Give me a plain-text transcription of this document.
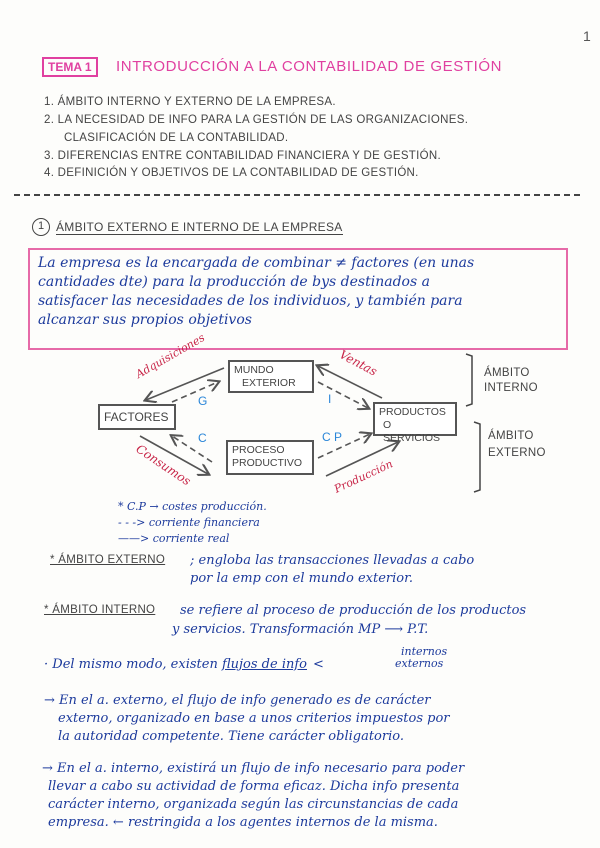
1
TEMA 1	INTRODUCCIÓN A LA CONTABILIDAD DE GESTIÓN
1. ÁMBITO INTERNO Y EXTERNO DE LA EMPRESA.
2. LA NECESIDAD DE INFO PARA LA GESTIÓN DE LAS ORGANIZACIONES.
CLASIFICACIÓN DE LA CONTABILIDAD.
3. DIFERENCIAS ENTRE CONTABILIDAD FINANCIERA Y DE GESTIÓN.
4. DEFINICIÓN Y OBJETIVOS DE LA CONTABILIDAD DE GESTIÓN.
1 ÁMBITO EXTERNO E INTERNO DE LA EMPRESA
La empresa es la encargada de combinar ≠ factores (en unas
cantidades dte) para la producción de bys destinados a
satisfacer las necesidades de los individuos, y también para
alcanzar sus propios objetivos
MUNDO
EXTERIOR
FACTORES
PROCESO
PRODUCTIVO
PRODUCTOS
O SERVICIOS
Adquisiciones	Ventas
Consumos	Producción
G	I
C	C P
ÁMBITO
INTERNO
ÁMBITO
EXTERNO
* C.P → costes producción.
- - -> corriente financiera
——> corriente real
* ÁMBITO EXTERNO ; engloba las transacciones llevadas a cabo
por la emp con el mundo exterior.
* ÁMBITO INTERNO se refiere al proceso de producción de los productos
y servicios. Transformación MP ⟶ P.T.
· Del mismo modo, existen flujos de info <
internos
externos
→ En el a. externo, el flujo de info generado es de carácter
externo, organizado en base a unos criterios impuestos por
la autoridad competente. Tiene carácter obligatorio.
→ En el a. interno, existirá un flujo de info necesario para poder
llevar a cabo su actividad de forma eficaz. Dicha info presenta
carácter interno, organizada según las circunstancias de cada
empresa. ← restringida a los agentes internos de la misma.
